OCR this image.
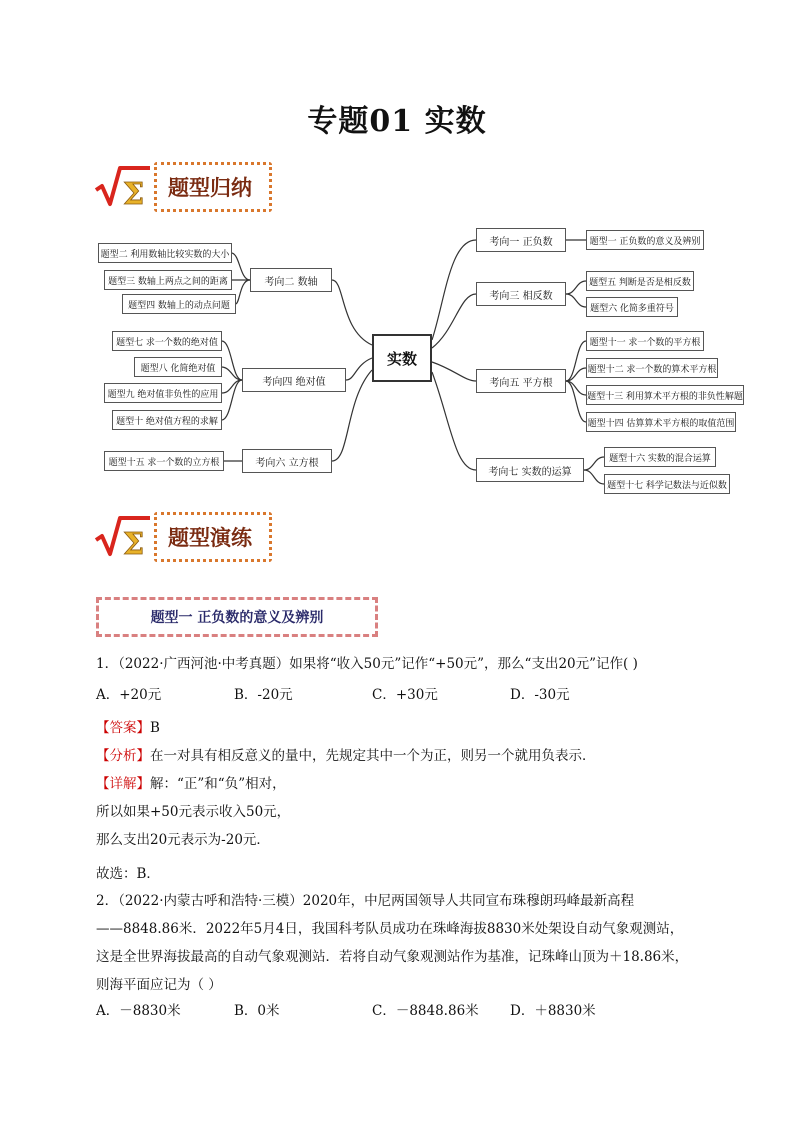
专题01 实数
Σ 题型归纳
实数
考向二 数轴
考向四 绝对值
考向六 立方根
题型二 利用数轴比较实数的大小
题型三 数轴上两点之间的距离
题型四 数轴上的动点问题
题型七 求一个数的绝对值
题型八 化简绝对值
题型九 绝对值非负性的应用
题型十 绝对值方程的求解
题型十五 求一个数的立方根
考向一 正负数
考向三 相反数
考向五 平方根
考向七 实数的运算
题型一 正负数的意义及辨别
题型五 判断是否是相反数
题型六 化简多重符号
题型十一 求一个数的平方根
题型十二 求一个数的算术平方根
题型十三 利用算术平方根的非负性解题
题型十四 估算算术平方根的取值范围
题型十六 实数的混合运算
题型十七 科学记数法与近似数
Σ 题型演练
题型一 正负数的意义及辨别
1．（2022·广西河池·中考真题）如果将“收入50元”记作“+50元”，那么“支出20元”记作( )
A．+20元	B．-20元	C．+30元	D．-30元
【答案】B
【分析】在一对具有相反意义的量中，先规定其中一个为正，则另一个就用负表示．
【详解】解：“正”和“负”相对，
所以如果+50元表示收入50元，
那么支出20元表示为-20元．
故选：B．
2．（2022·内蒙古呼和浩特·三模）2020年，中尼两国领导人共同宣布珠穆朗玛峰最新高程
——8848.86米．2022年5月4日，我国科考队员成功在珠峰海拔8830米处架设自动气象观测站，
这是全世界海拔最高的自动气象观测站．若将自动气象观测站作为基准，记珠峰山顶为＋18.86米，
则海平面应记为（ ）
A．－8830米	B．0米	C．－8848.86米 D．＋8830米
